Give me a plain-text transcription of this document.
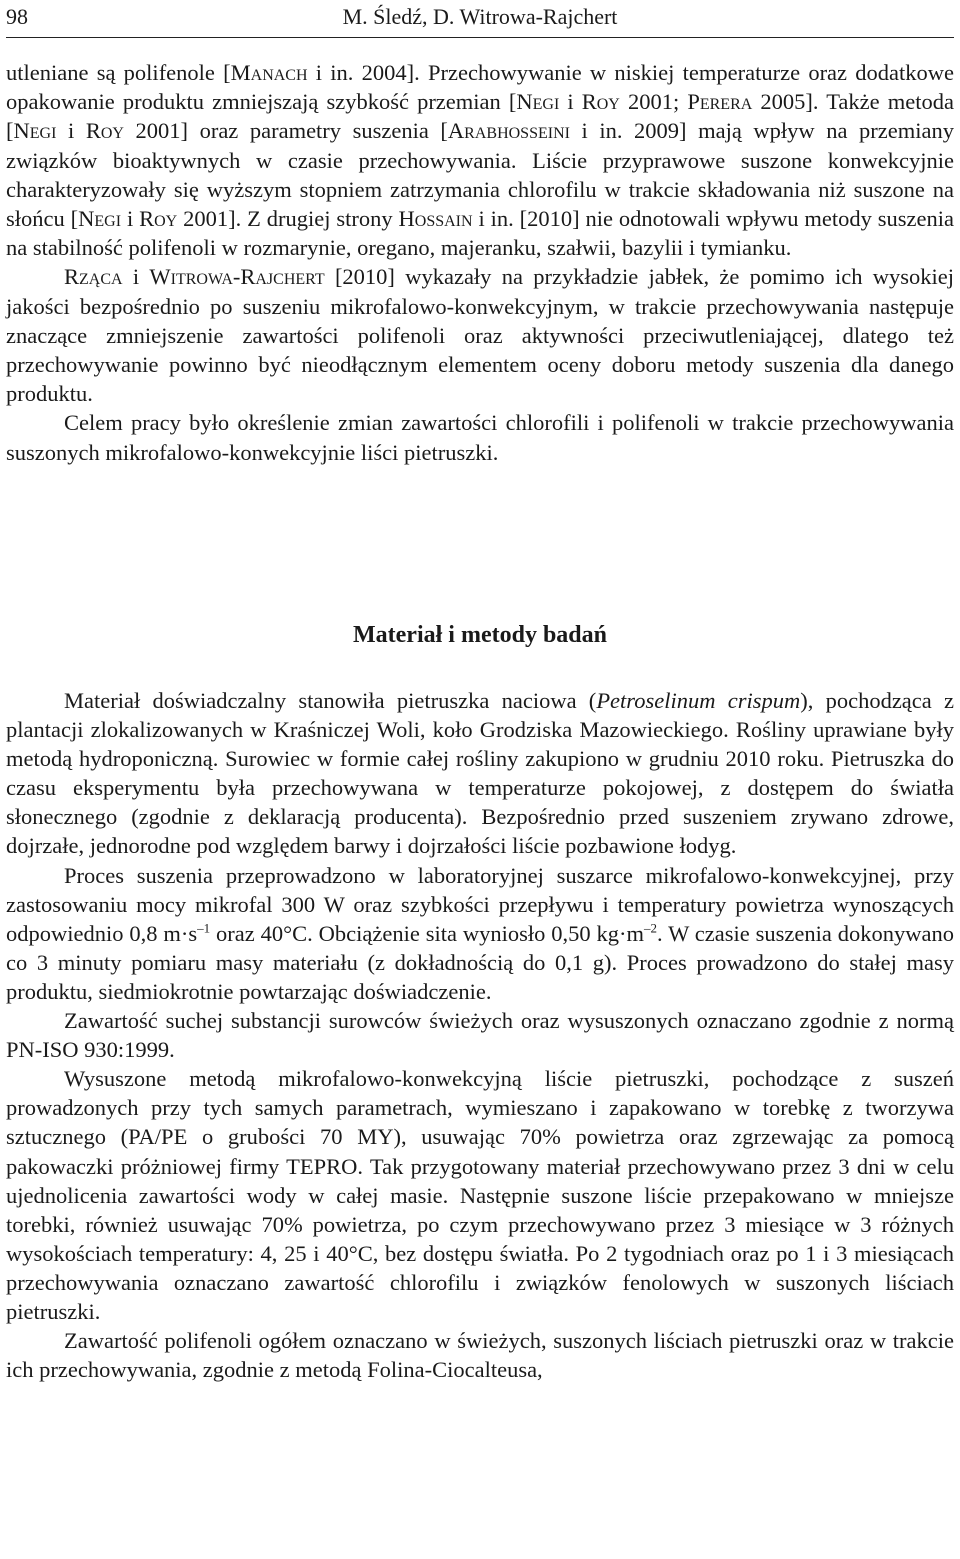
98	M. Śledź, D. Witrowa-Rajchert

utleniane są polifenole [Manach i in. 2004]. Przechowywanie w niskiej temperaturze oraz dodatkowe opakowanie produktu zmniejszają szybkość przemian [Negi i Roy 2001; Perera 2005]. Także metoda [Negi i Roy 2001] oraz parametry suszenia [Arabhosseini i in. 2009] mają wpływ na przemiany związków bioaktywnych w czasie przechowywania. Liście przyprawowe suszone konwekcyjnie charakteryzowały się wyższym stopniem zatrzymania chlorofilu w trakcie składowania niż suszone na słońcu [Negi i Roy 2001]. Z drugiej strony Hossain i in. [2010] nie odnotowali wpływu metody suszenia na stabilność polifenoli w rozmarynie, oregano, majeranku, szałwii, bazylii i tymianku.

Rząca i Witrowa-Rajchert [2010] wykazały na przykładzie jabłek, że pomimo ich wysokiej jakości bezpośrednio po suszeniu mikrofalowo-konwekcyjnym, w trakcie przechowywania następuje znaczące zmniejszenie zawartości polifenoli oraz aktywności przeciwutleniającej, dlatego też przechowywanie powinno być nieodłącznym elementem oceny doboru metody suszenia dla danego produktu.

Celem pracy było określenie zmian zawartości chlorofili i polifenoli w trakcie przechowywania suszonych mikrofalowo-konwekcyjnie liści pietruszki.

Materiał i metody badań

Materiał doświadczalny stanowiła pietruszka naciowa (Petroselinum crispum), pochodząca z plantacji zlokalizowanych w Kraśniczej Woli, koło Grodziska Mazowieckiego. Rośliny uprawiane były metodą hydroponiczną. Surowiec w formie całej rośliny zakupiono w grudniu 2010 roku. Pietruszka do czasu eksperymentu była przechowywana w temperaturze pokojowej, z dostępem do światła słonecznego (zgodnie z deklaracją producenta). Bezpośrednio przed suszeniem zrywano zdrowe, dojrzałe, jednorodne pod względem barwy i dojrzałości liście pozbawione łodyg.

Proces suszenia przeprowadzono w laboratoryjnej suszarce mikrofalowo-konwekcyjnej, przy zastosowaniu mocy mikrofal 300 W oraz szybkości przepływu i temperatury powietrza wynoszących odpowiednio 0,8 $m\cdot s^{-1}$ oraz 40°C. Obciążenie sita wyniosło 0,50 $kg\cdot m^{-2}$. W czasie suszenia dokonywano co 3 minuty pomiaru masy materiału (z dokładnością do 0,1 g). Proces prowadzono do stałej masy produktu, siedmiokrotnie powtarzając doświadczenie.

Zawartość suchej substancji surowców świeżych oraz wysuszonych oznaczano zgodnie z normą PN-ISO 930:1999.

Wysuszone metodą mikrofalowo-konwekcyjną liście pietruszki, pochodzące z suszeń prowadzonych przy tych samych parametrach, wymieszano i zapakowano w torebkę z tworzywa sztucznego (PA/PE o grubości 70 MY), usuwając 70% powietrza oraz zgrzewając za pomocą pakowaczki próżniowej firmy TEPRO. Tak przygotowany materiał przechowywano przez 3 dni w celu ujednolicenia zawartości wody w całej masie. Następnie suszone liście przepakowano w mniejsze torebki, również usuwając 70% powietrza, po czym przechowywano przez 3 miesiące w 3 różnych wysokościach temperatury: 4, 25 i 40°C, bez dostępu światła. Po 2 tygodniach oraz po 1 i 3 miesiącach przechowywania oznaczano zawartość chlorofilu i związków fenolowych w suszonych liściach pietruszki.

Zawartość polifenoli ogółem oznaczano w świeżych, suszonych liściach pietruszki oraz w trakcie ich przechowywania, zgodnie z metodą Folina-Ciocalteusa,
